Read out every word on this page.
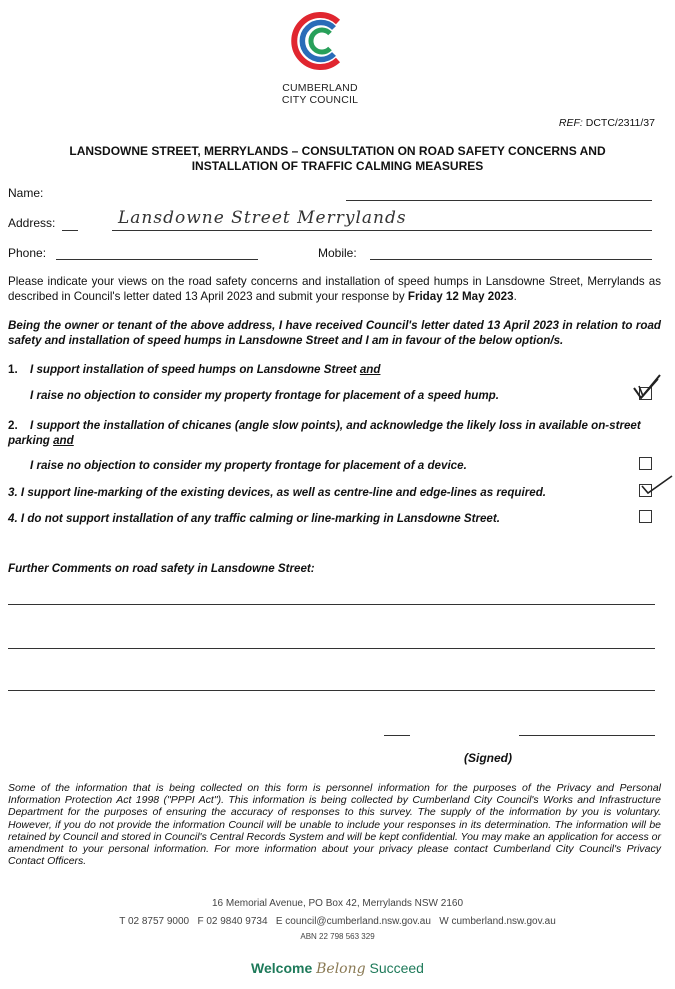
CUMBERLAND
CITY COUNCIL
REF: DCTC/2311/37
LANSDOWNE STREET, MERRYLANDS – CONSULTATION ON ROAD SAFETY CONCERNS AND
INSTALLATION OF TRAFFIC CALMING MEASURES
Name:
Address:	Lansdowne Street Merrylands
Phone:	Mobile:
Please indicate your views on the road safety concerns and installation of speed humps in Lansdowne Street, Merrylands as described in Council's letter dated 13 April 2023 and submit your response by Friday 12 May 2023.
Being the owner or tenant of the above address, I have received Council's letter dated 13 April 2023 in relation to road safety and installation of speed humps in Lansdowne Street and I am in favour of the below option/s.
1. I support installation of speed humps on Lansdowne Street and
I raise no objection to consider my property frontage for placement of a speed hump.
2. I support the installation of chicanes (angle slow points), and acknowledge the likely loss in available on-street parking and
I raise no objection to consider my property frontage for placement of a device.
3. I support line-marking of the existing devices, as well as centre-line and edge-lines as required.
4. I do not support installation of any traffic calming or line-marking in Lansdowne Street.
Further Comments on road safety in Lansdowne Street:
(Signed)
Some of the information that is being collected on this form is personnel information for the purposes of the Privacy and Personal Information Protection Act 1998 ("PPPI Act"). This information is being collected by Cumberland City Council's Works and Infrastructure Department for the purposes of ensuring the accuracy of responses to this survey. The supply of the information by you is voluntary. However, if you do not provide the information Council will be unable to include your responses in its determination. The information will be retained by Council and stored in Council's Central Records System and will be kept confidential. You may make an application for access or amendment to your personal information. For more information about your privacy please contact Cumberland City Council's Privacy Contact Officers.
16 Memorial Avenue, PO Box 42, Merrylands NSW 2160
T 02 8757 9000   F 02 9840 9734   E council@cumberland.nsw.gov.au   W cumberland.nsw.gov.au
ABN 22 798 563 329
Welcome Belong Succeed
